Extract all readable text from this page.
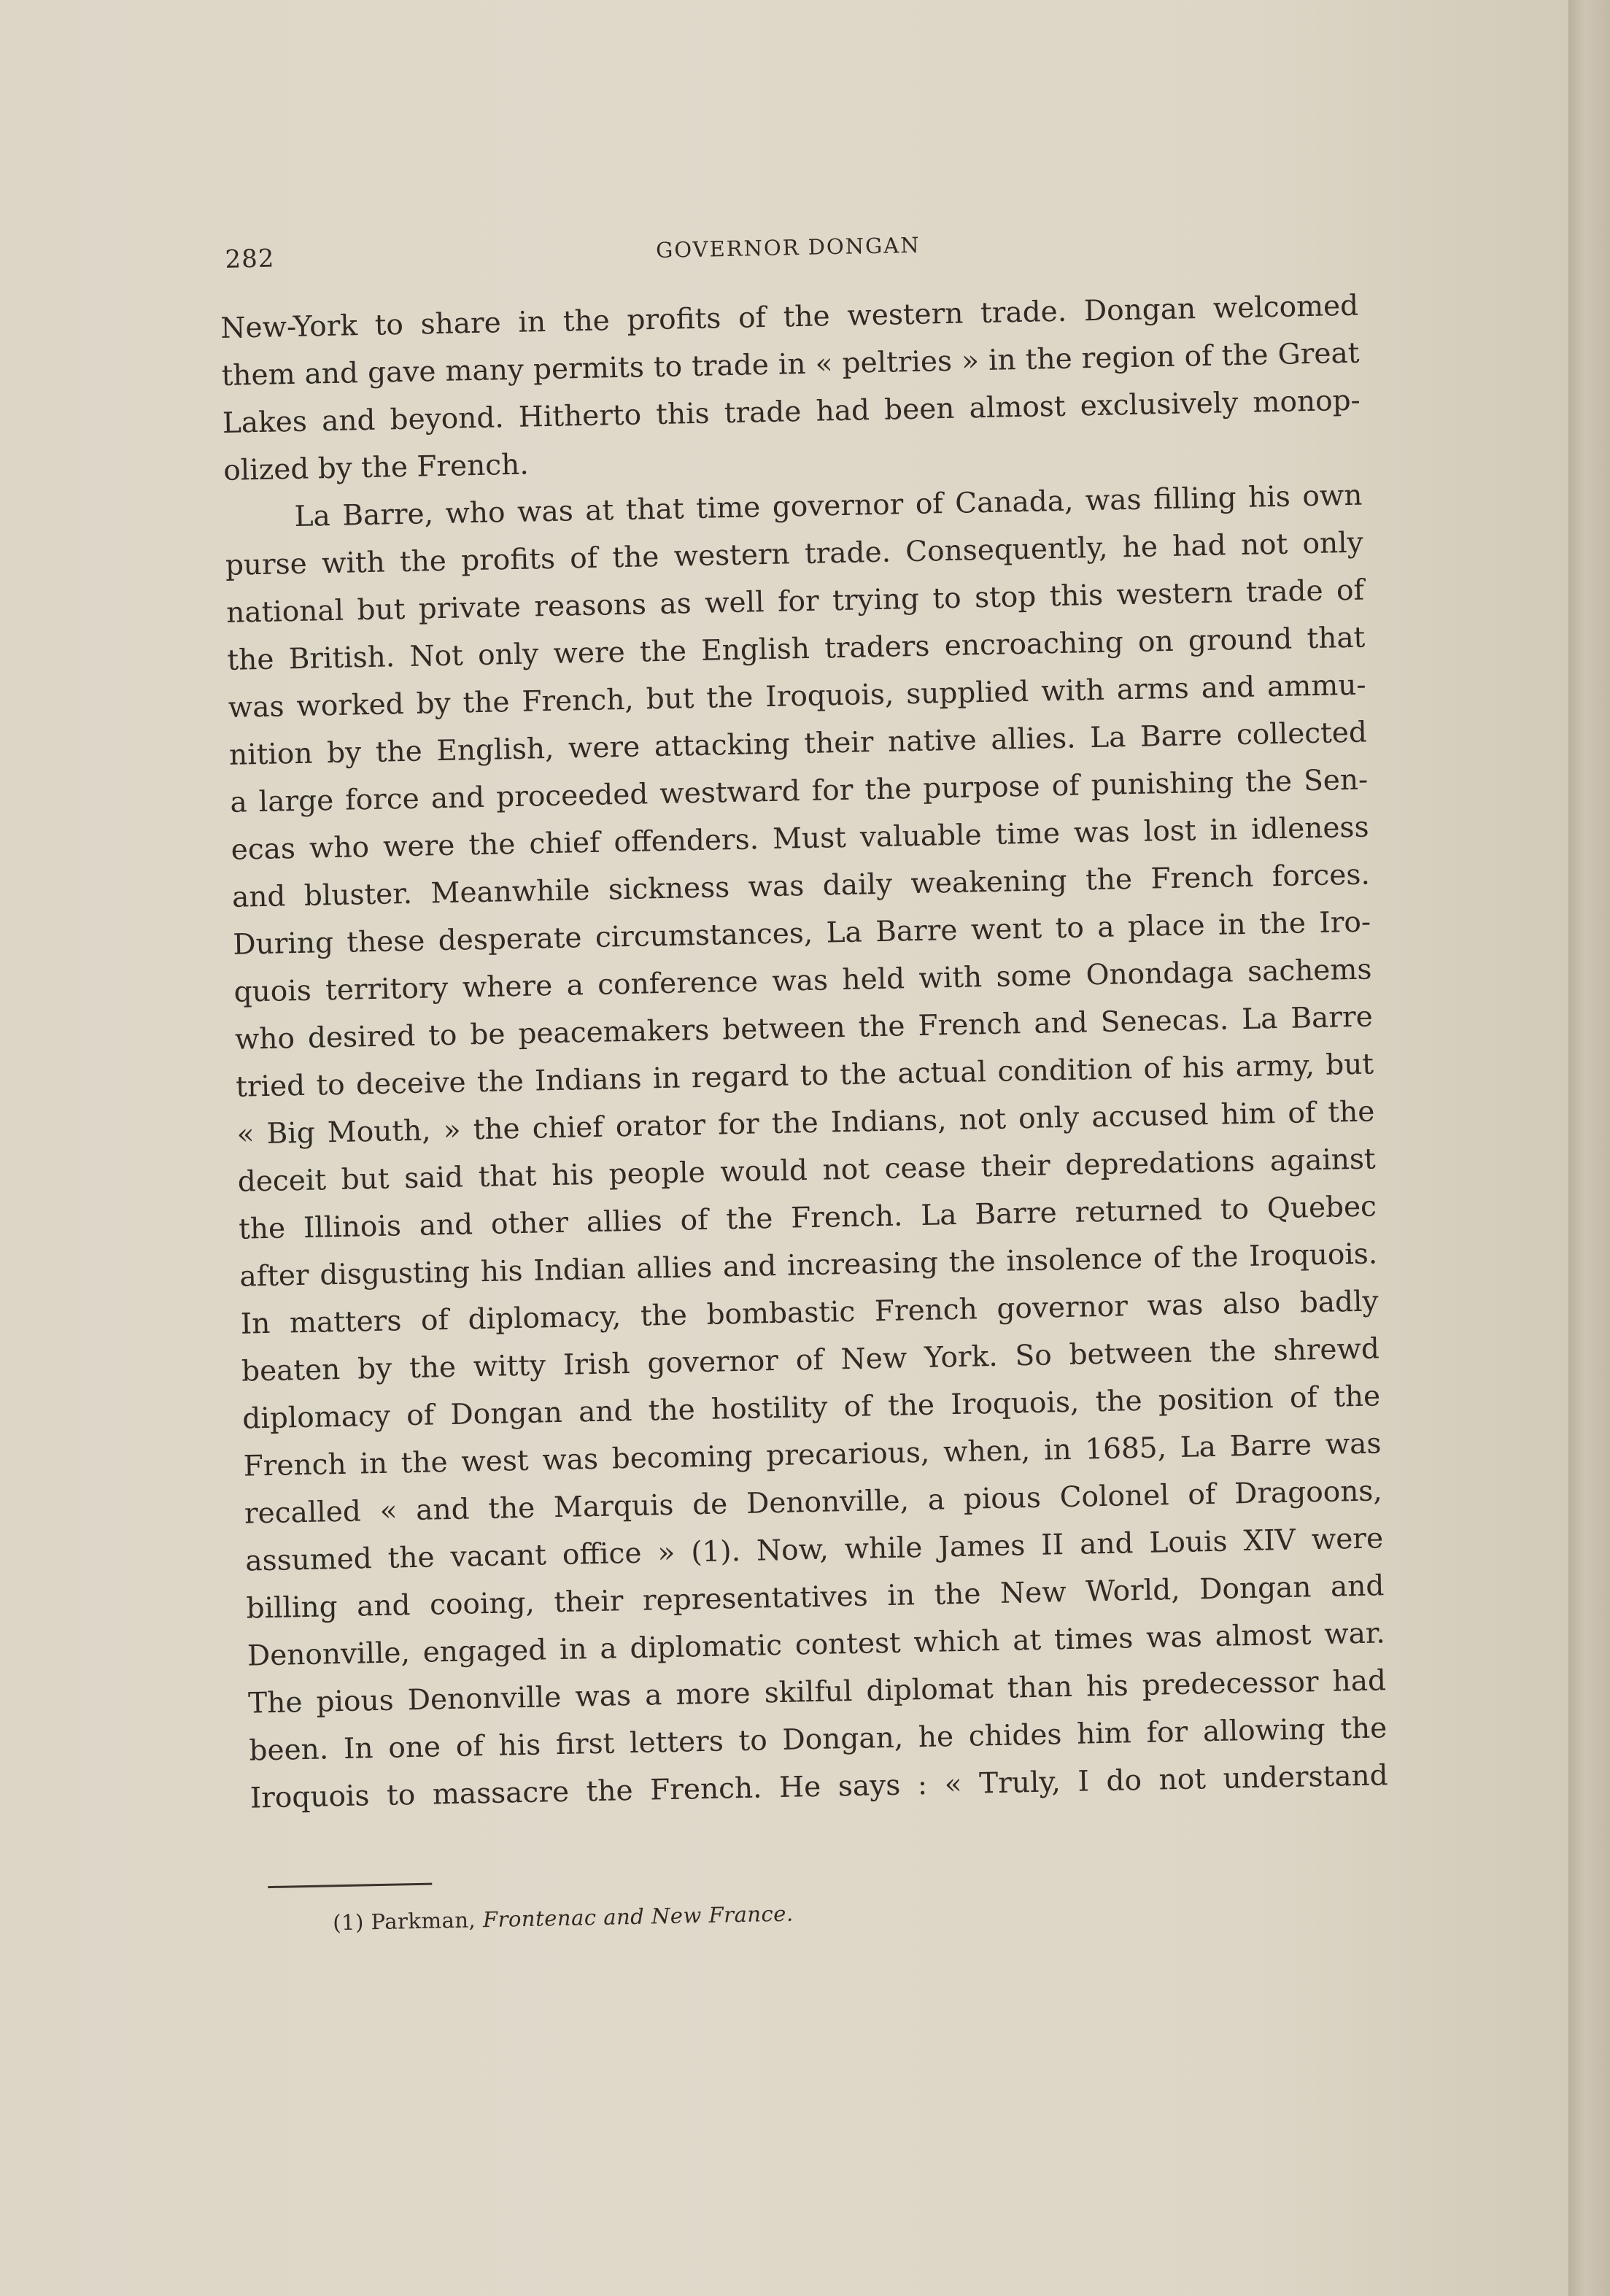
282	GOVERNOR DONGAN
New-York to share in the profits of the western trade. Dongan welcomed
them and gave many permits to trade in « peltries » in the region of the Great
Lakes and beyond. Hitherto this trade had been almost exclusively monop-
olized by the French.
La Barre, who was at that time governor of Canada, was filling his own
purse with the profits of the western trade. Consequently, he had not only
national but private reasons as well for trying to stop this western trade of
the British. Not only were the English traders encroaching on ground that
was worked by the French, but the Iroquois, supplied with arms and ammu-
nition by the English, were attacking their native allies. La Barre collected
a large force and proceeded westward for the purpose of punishing the Sen-
ecas who were the chief offenders. Must valuable time was lost in idleness
and bluster. Meanwhile sickness was daily weakening the French forces.
During these desperate circumstances, La Barre went to a place in the Iro-
quois territory where a conference was held with some Onondaga sachems
who desired to be peacemakers between the French and Senecas. La Barre
tried to deceive the Indians in regard to the actual condition of his army, but
« Big Mouth, » the chief orator for the Indians, not only accused him of the
deceit but said that his people would not cease their depredations against
the Illinois and other allies of the French. La Barre returned to Quebec
after disgusting his Indian allies and increasing the insolence of the Iroquois.
In matters of diplomacy, the bombastic French governor was also badly
beaten by the witty Irish governor of New York. So between the shrewd
diplomacy of Dongan and the hostility of the Iroquois, the position of the
French in the west was becoming precarious, when, in 1685, La Barre was
recalled « and the Marquis de Denonville, a pious Colonel of Dragoons,
assumed the vacant office » (1). Now, while James II and Louis XIV were
billing and cooing, their representatives in the New World, Dongan and
Denonville, engaged in a diplomatic contest which at times was almost war.
The pious Denonville was a more skilful diplomat than his predecessor had
been. In one of his first letters to Dongan, he chides him for allowing the
Iroquois to massacre the French. He says : « Truly, I do not understand
(1) Parkman, Frontenac and New France.
